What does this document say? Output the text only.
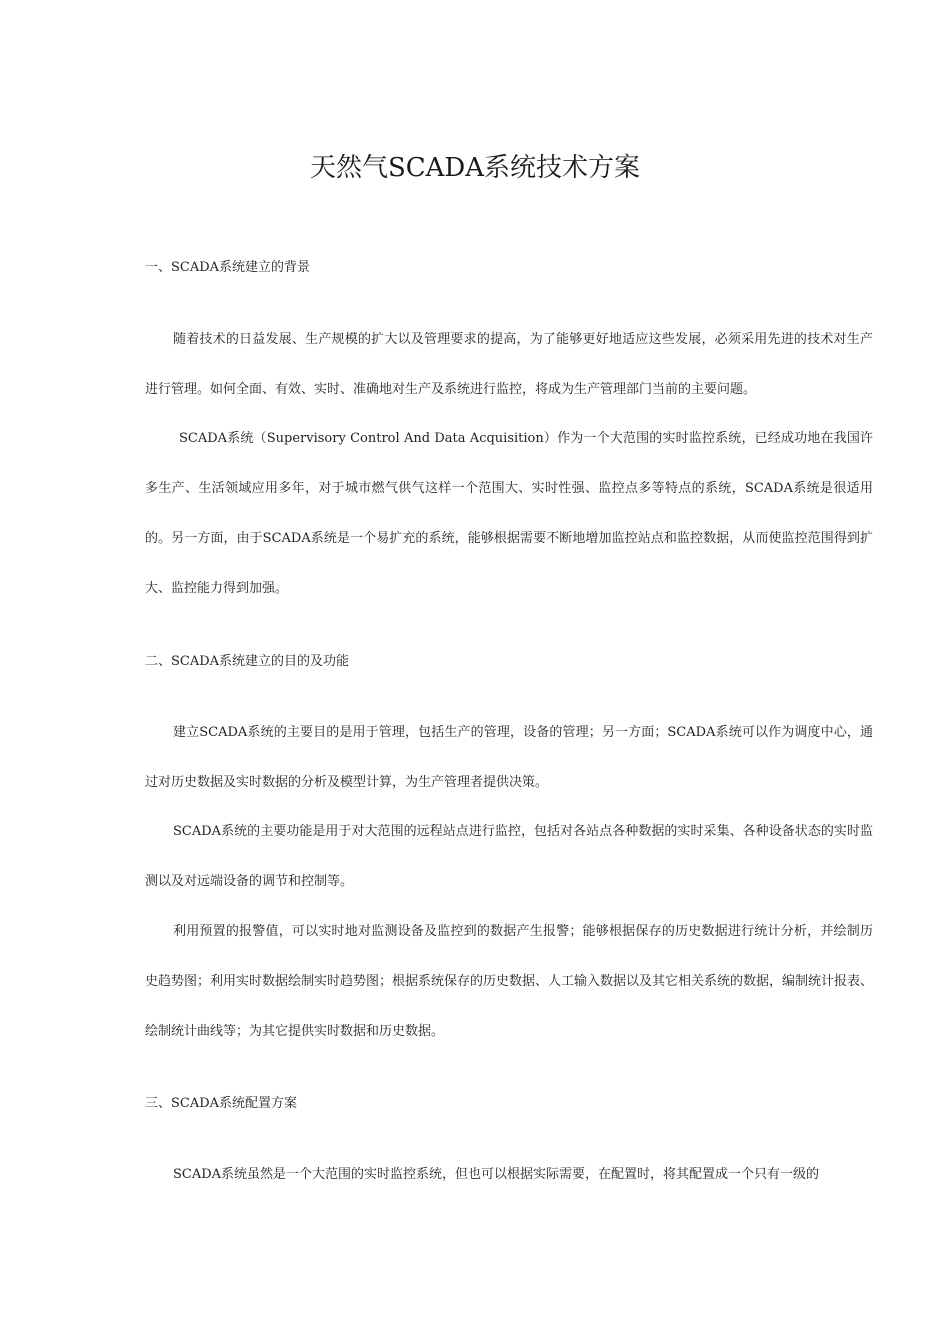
天然气SCADA系统技术方案
一、SCADA系统建立的背景
随着技术的日益发展、生产规模的扩大以及管理要求的提高，为了能够更好地适应这些发展，必须采用先进的技术对生产进行管理。如何全面、有效、实时、准确地对生产及系统进行监控，将成为生产管理部门当前的主要问题。
SCADA系统（Supervisory Control And Data Acquisition）作为一个大范围的实时监控系统，已经成功地在我国许多生产、生活领域应用多年，对于城市燃气供气这样一个范围大、实时性强、监控点多等特点的系统，SCADA系统是很适用的。另一方面，由于SCADA系统是一个易扩充的系统，能够根据需要不断地增加监控站点和监控数据，从而使监控范围得到扩大、监控能力得到加强。
二、SCADA系统建立的目的及功能
建立SCADA系统的主要目的是用于管理，包括生产的管理，设备的管理；另一方面；SCADA系统可以作为调度中心，通过对历史数据及实时数据的分析及模型计算，为生产管理者提供决策。
SCADA系统的主要功能是用于对大范围的远程站点进行监控，包括对各站点各种数据的实时采集、各种设备状态的实时监测以及对远端设备的调节和控制等。
利用预置的报警值，可以实时地对监测设备及监控到的数据产生报警；能够根据保存的历史数据进行统计分析，并绘制历史趋势图；利用实时数据绘制实时趋势图；根据系统保存的历史数据、人工输入数据以及其它相关系统的数据，编制统计报表、绘制统计曲线等；为其它提供实时数据和历史数据。
三、SCADA系统配置方案
SCADA系统虽然是一个大范围的实时监控系统，但也可以根据实际需要，在配置时，将其配置成一个只有一级的
